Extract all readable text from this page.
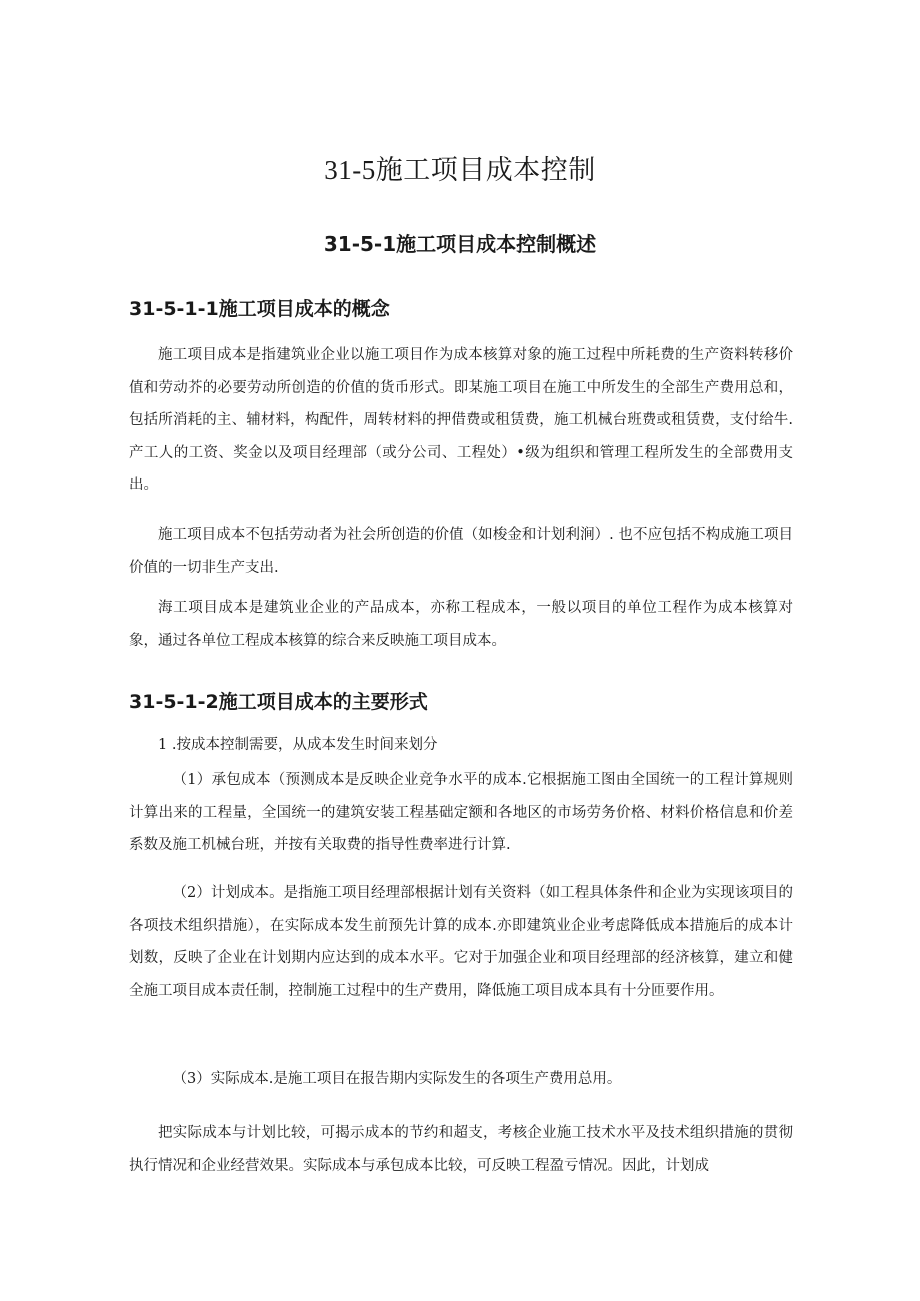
31-5施工项目成本控制
31-5-1施工项目成本控制概述
31-5-1-1施工项目成本的概念
施工项目成本是指建筑业企业以施工项目作为成本核算对象的施工过程中所耗费的生产资料转移价值和劳动芥的必要劳动所创造的价值的货币形式。即某施工项目在施工中所发生的全部生产费用总和，包括所消耗的主、辅材料，构配件，周转材料的押借费或租赁费，施工机械台班费或租赁费，支付给牛. 产工人的工资、奖金以及项目经理部（或分公司、工程处）•级为组织和管理工程所发生的全部费用支出。
施工项目成本不包括劳动者为社会所创造的价值（如梭金和计划利涧）. 也不应包括不构成施工项目价值的一切非生产支出.
海工项目成本是建筑业企业的产品成本，亦称工程成本，一般以项目的单位工程作为成本核算对象，通过各单位工程成本核算的综合来反映施工项目成本。
31-5-1-2施工项目成本的主要形式
1 .按成本控制需要，从成本发生时间来划分
（1）承包成本（预测成本是反映企业竞争水平的成本.它根据施工图由全国统一的工程计算规则计算出来的工程量，全国统一的建筑安装工程基础定额和各地区的市场劳务价格、材料价格信息和价差系数及施工机械台班，并按有关取费的指导性费率进行计算.
（2）计划成本。是指施工项目经理部根据计划有关资料（如工程具体条件和企业为实现该项目的各项技术组织措施），在实际成本发生前预先计算的成本.亦即建筑业企业考虑降低成本措施后的成本计划数，反映了企业在计划期内应达到的成本水平。它对于加强企业和项目经理部的经济核算，建立和健全施工项目成本责任制，控制施工过程中的生产费用，降低施工项目成本具有十分匝要作用。
（3）实际成本.是施工项目在报告期内实际发生的各项生产费用总用。
把实际成本与计划比较，可揭示成本的节约和超支，考核企业施工技术水平及技术组织措施的贯彻执行情况和企业经营效果。实际成本与承包成本比较，可反映工程盈亏情况。因此，计划成
